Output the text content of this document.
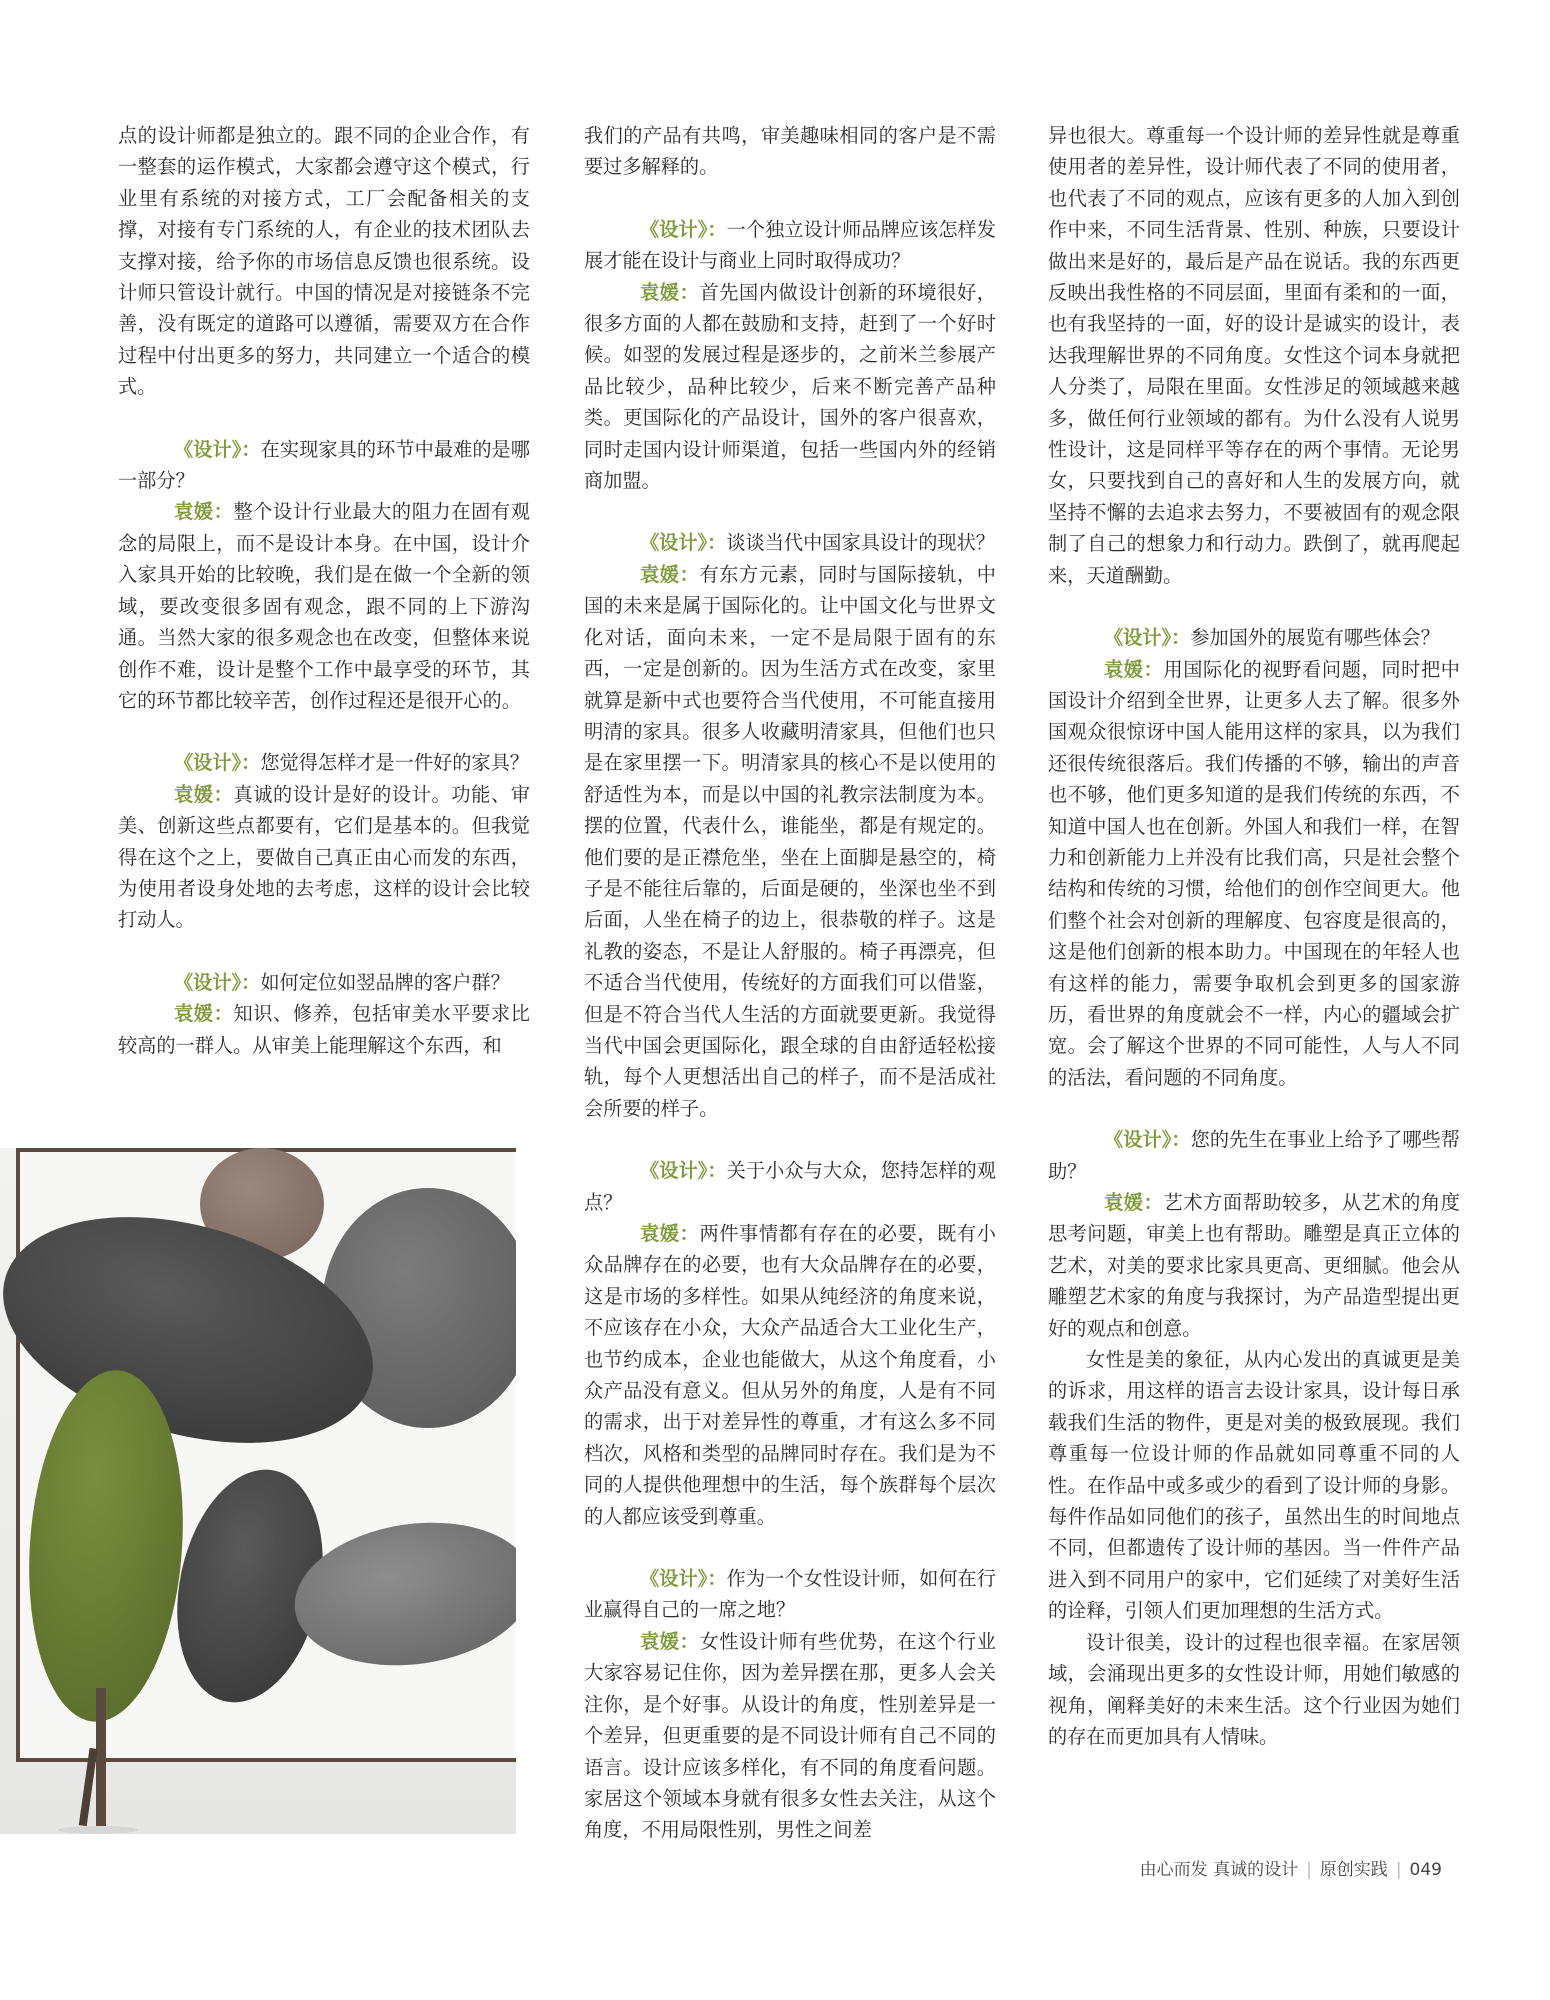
点的设计师都是独立的。跟不同的企业合作，有一整套的运作模式，大家都会遵守这个模式，行业里有系统的对接方式，工厂会配备相关的支撑，对接有专门系统的人，有企业的技术团队去支撑对接，给予你的市场信息反馈也很系统。设计师只管设计就行。中国的情况是对接链条不完善，没有既定的道路可以遵循，需要双方在合作过程中付出更多的努力，共同建立一个适合的模式。

《设计》：在实现家具的环节中最难的是哪一部分？

袁媛：整个设计行业最大的阻力在固有观念的局限上，而不是设计本身。在中国，设计介入家具开始的比较晚，我们是在做一个全新的领域，要改变很多固有观念，跟不同的上下游沟通。当然大家的很多观念也在改变，但整体来说创作不难，设计是整个工作中最享受的环节，其它的环节都比较辛苦，创作过程还是很开心的。

《设计》：您觉得怎样才是一件好的家具？

袁媛：真诚的设计是好的设计。功能、审美、创新这些点都要有，它们是基本的。但我觉得在这个之上，要做自己真正由心而发的东西，为使用者设身处地的去考虑，这样的设计会比较打动人。

《设计》：如何定位如翌品牌的客户群？

袁媛：知识、修养，包括审美水平要求比较高的一群人。从审美上能理解这个东西，和

我们的产品有共鸣，审美趣味相同的客户是不需要过多解释的。

《设计》：一个独立设计师品牌应该怎样发展才能在设计与商业上同时取得成功？

袁媛：首先国内做设计创新的环境很好，很多方面的人都在鼓励和支持，赶到了一个好时候。如翌的发展过程是逐步的，之前米兰参展产品比较少，品种比较少，后来不断完善产品种类。更国际化的产品设计，国外的客户很喜欢，同时走国内设计师渠道，包括一些国内外的经销商加盟。

《设计》：谈谈当代中国家具设计的现状？

袁媛：有东方元素，同时与国际接轨，中国的未来是属于国际化的。让中国文化与世界文化对话，面向未来，一定不是局限于固有的东西，一定是创新的。因为生活方式在改变，家里就算是新中式也要符合当代使用，不可能直接用明清的家具。很多人收藏明清家具，但他们也只是在家里摆一下。明清家具的核心不是以使用的舒适性为本，而是以中国的礼教宗法制度为本。摆的位置，代表什么，谁能坐，都是有规定的。他们要的是正襟危坐，坐在上面脚是悬空的，椅子是不能往后靠的，后面是硬的，坐深也坐不到后面，人坐在椅子的边上，很恭敬的样子。这是礼教的姿态，不是让人舒服的。椅子再漂亮，但不适合当代使用，传统好的方面我们可以借鉴，但是不符合当代人生活的方面就要更新。我觉得当代中国会更国际化，跟全球的自由舒适轻松接轨，每个人更想活出自己的样子，而不是活成社会所要的样子。

《设计》：关于小众与大众，您持怎样的观点？

袁媛：两件事情都有存在的必要，既有小众品牌存在的必要，也有大众品牌存在的必要，这是市场的多样性。如果从纯经济的角度来说，不应该存在小众，大众产品适合大工业化生产，也节约成本，企业也能做大，从这个角度看，小众产品没有意义。但从另外的角度，人是有不同的需求，出于对差异性的尊重，才有这么多不同档次，风格和类型的品牌同时存在。我们是为不同的人提供他理想中的生活，每个族群每个层次的人都应该受到尊重。

《设计》：作为一个女性设计师，如何在行业赢得自己的一席之地？

袁媛：女性设计师有些优势，在这个行业大家容易记住你，因为差异摆在那，更多人会关注你，是个好事。从设计的角度，性别差异是一个差异，但更重要的是不同设计师有自己不同的语言。设计应该多样化，有不同的角度看问题。家居这个领域本身就有很多女性去关注，从这个角度，不用局限性别，男性之间差

异也很大。尊重每一个设计师的差异性就是尊重使用者的差异性，设计师代表了不同的使用者，也代表了不同的观点，应该有更多的人加入到创作中来，不同生活背景、性别、种族，只要设计做出来是好的，最后是产品在说话。我的东西更反映出我性格的不同层面，里面有柔和的一面，也有我坚持的一面，好的设计是诚实的设计，表达我理解世界的不同角度。女性这个词本身就把人分类了，局限在里面。女性涉足的领域越来越多，做任何行业领域的都有。为什么没有人说男性设计，这是同样平等存在的两个事情。无论男女，只要找到自己的喜好和人生的发展方向，就坚持不懈的去追求去努力，不要被固有的观念限制了自己的想象力和行动力。跌倒了，就再爬起来，天道酬勤。

《设计》：参加国外的展览有哪些体会？

袁媛：用国际化的视野看问题，同时把中国设计介绍到全世界，让更多人去了解。很多外国观众很惊讶中国人能用这样的家具，以为我们还很传统很落后。我们传播的不够，输出的声音也不够，他们更多知道的是我们传统的东西，不知道中国人也在创新。外国人和我们一样，在智力和创新能力上并没有比我们高，只是社会整个结构和传统的习惯，给他们的创作空间更大。他们整个社会对创新的理解度、包容度是很高的，这是他们创新的根本助力。中国现在的年轻人也有这样的能力，需要争取机会到更多的国家游历，看世界的角度就会不一样，内心的疆域会扩宽。会了解这个世界的不同可能性，人与人不同的活法，看问题的不同角度。

《设计》：您的先生在事业上给予了哪些帮助？

袁媛：艺术方面帮助较多，从艺术的角度思考问题，审美上也有帮助。雕塑是真正立体的艺术，对美的要求比家具更高、更细腻。他会从雕塑艺术家的角度与我探讨，为产品造型提出更好的观点和创意。

女性是美的象征，从内心发出的真诚更是美的诉求，用这样的语言去设计家具，设计每日承载我们生活的物件，更是对美的极致展现。我们尊重每一位设计师的作品就如同尊重不同的人性。在作品中或多或少的看到了设计师的身影。每件作品如同他们的孩子，虽然出生的时间地点不同，但都遗传了设计师的基因。当一件件产品进入到不同用户的家中，它们延续了对美好生活的诠释，引领人们更加理想的生活方式。

设计很美，设计的过程也很幸福。在家居领域，会涌现出更多的女性设计师，用她们敏感的视角，阐释美好的未来生活。这个行业因为她们的存在而更加具有人情味。

由心而发 真诚的设计 | 原创实践 | 049
